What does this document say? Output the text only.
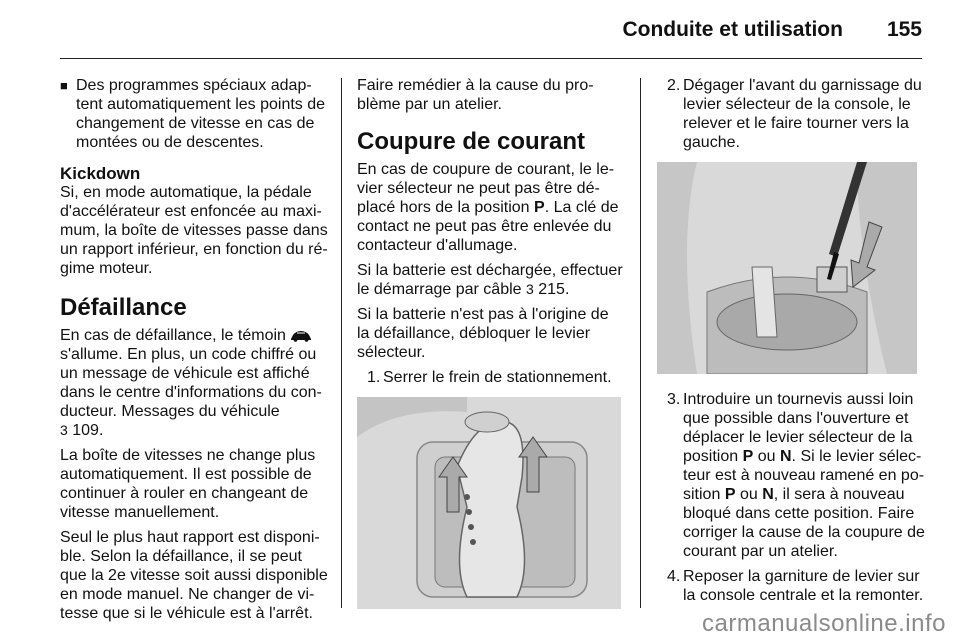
Conduite et utilisation 155
■ Des programmes spéciaux adaptent automatiquement les points de changement de vitesse en cas de montées ou de descentes.
Kickdown

Si, en mode automatique, la pédale d'accélérateur est enfoncée au maximum, la boîte de vitesses passe dans un rapport inférieur, en fonction du régime moteur.

Défaillance

En cas de défaillance, le témoin  s'allume. En plus, un code chiffré ou un message de véhicule est affiché dans le centre d'informations du conducteur. Messages du véhicule
3 109.

La boîte de vitesses ne change plus automatiquement. Il est possible de continuer à rouler en changeant de vitesse manuellement.

Seul le plus haut rapport est disponible. Selon la défaillance, il se peut que la 2e vitesse soit aussi disponible en mode manuel. Ne changer de vitesse que si le véhicule est à l'arrêt.

Faire remédier à la cause du problème par un atelier.

Coupure de courant

En cas de coupure de courant, le levier sélecteur ne peut pas être déplacé hors de la position P. La clé de contact ne peut pas être enlevée du contacteur d'allumage.

Si la batterie est déchargée, effectuer le démarrage par câble 3 215.

Si la batterie n'est pas à l'origine de la défaillance, débloquer le levier sélecteur.

1. Serrer le frein de stationnement.
2. Dégager l'avant du garnissage du levier sélecteur de la console, le relever et le faire tourner vers la gauche.
3. Introduire un tournevis aussi loin que possible dans l'ouverture et déplacer le levier sélecteur de la position P ou N. Si le levier sélecteur est à nouveau ramené en position P ou N, il sera à nouveau bloqué dans cette position. Faire corriger la cause de la coupure de courant par un atelier.
4. Reposer la garniture de levier sur la console centrale et la remonter.
carmanualsonline.info
